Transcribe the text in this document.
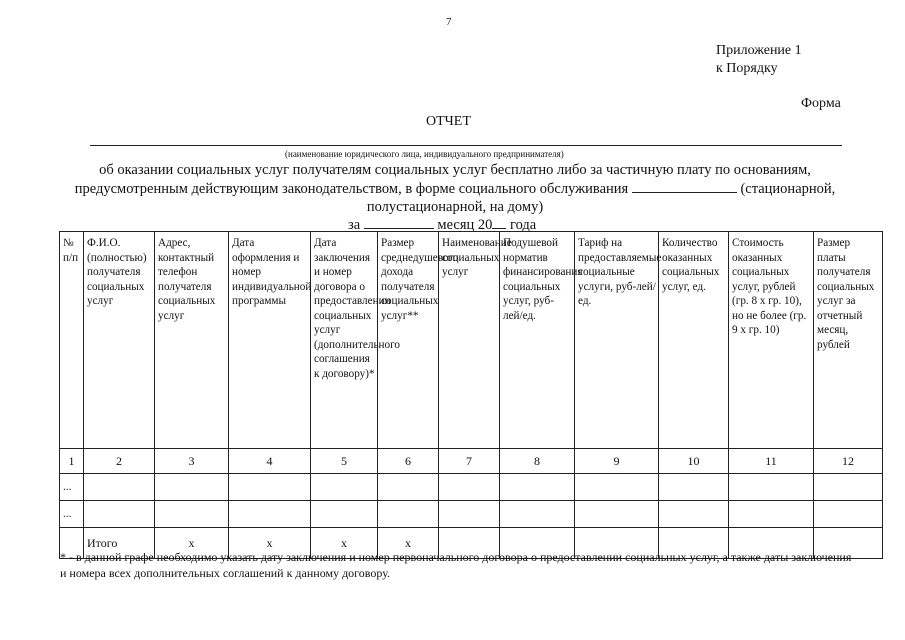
7
Приложение 1
к Порядку
Форма
ОТЧЕТ
(наименование юридического лица, индивидуального предпринимателя)
об оказании социальных услуг получателям социальных услуг бесплатно либо за частичную плату по основаниям, предусмотренным действующим законодательством, в форме социального обслуживания	(стационарной, полустационарной, на дому)
за	месяц 20 года
№ п/п	Ф.И.О. (полностью) получателя социальных услуг	Адрес, контактный телефон получателя социальных услуг	Дата оформления и номер индивидуальной программы	Дата заключения и номер договора о предоставлении социальных услуг (дополнительного соглашения к договору)*	Размер среднедушевого дохода получателя социальных услуг**	Наименование социальных услуг	Подушевой норматив финансирования социальных услуг, руб-лей/ед.	Тариф на предоставляемые социальные услуги, руб-лей/ед.	Количество оказанных социальных услуг, ед.	Стоимость оказанных социальных услуг, рублей (гр. 8 x гр. 10), но не более (гр. 9 x гр. 10)	Размер платы получателя социальных услуг за отчетный месяц, рублей
1	2	3	4	5	6	7	8	9	10	11	12
...											
...											
	Итого	x	x	x	x						
* - в данной графе необходимо указать дату заключения и номер первоначального договора о предоставлении социальных услуг, а также даты заключения и номера всех дополнительных соглашений к данному договору.
